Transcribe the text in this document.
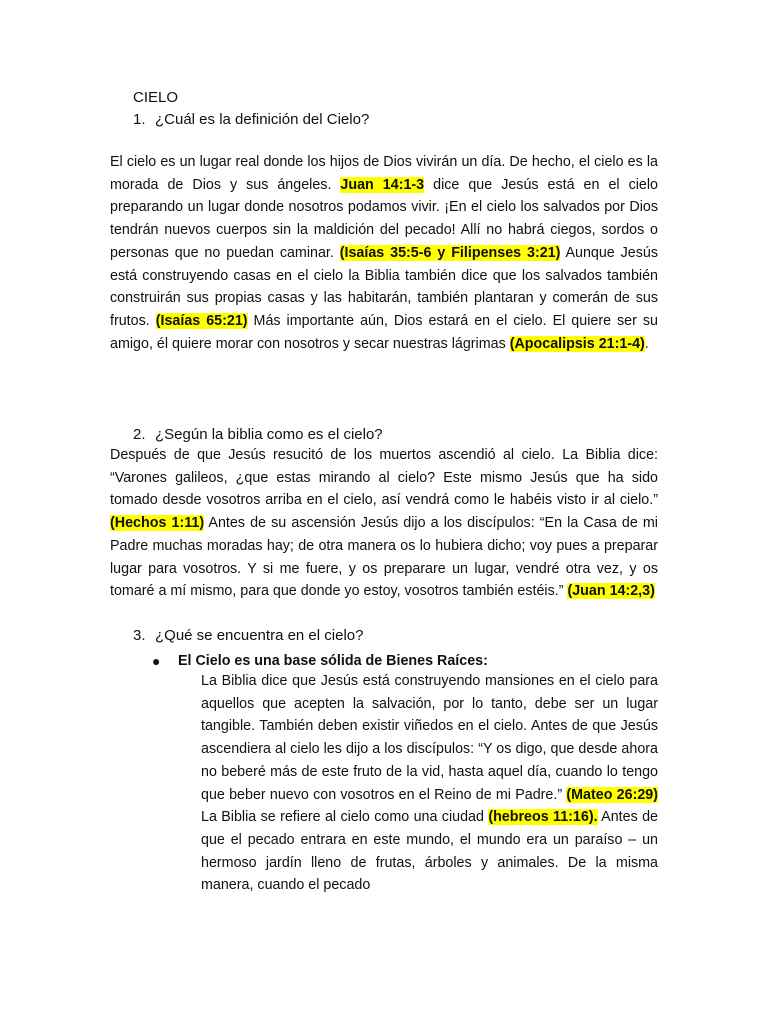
CIELO
1. ¿Cuál es la definición del Cielo?
El cielo es un lugar real donde los hijos de Dios vivirán un día. De hecho, el cielo es la morada de Dios y sus ángeles. Juan 14:1-3 dice que Jesús está en el cielo preparando un lugar donde nosotros podamos vivir. ¡En el cielo los salvados por Dios tendrán nuevos cuerpos sin la maldición del pecado! Allí no habrá ciegos, sordos o personas que no puedan caminar. (Isaías 35:5-6 y Filipenses 3:21) Aunque Jesús está construyendo casas en el cielo la Biblia también dice que los salvados también construirán sus propias casas y las habitarán, también plantaran y comerán de sus frutos. (Isaías 65:21) Más importante aún, Dios estará en el cielo. El quiere ser su amigo, él quiere morar con nosotros y secar nuestras lágrimas (Apocalipsis 21:1-4).
2. ¿Según la biblia como es el cielo?
Después de que Jesús resucitó de los muertos ascendió al cielo. La Biblia dice: “Varones galileos, ¿que estas mirando al cielo? Este mismo Jesús que ha sido tomado desde vosotros arriba en el cielo, así vendrá como le habéis visto ir al cielo.” (Hechos 1:11) Antes de su ascensión Jesús dijo a los discípulos: “En la Casa de mi Padre muchas moradas hay; de otra manera os lo hubiera dicho; voy pues a preparar lugar para vosotros. Y si me fuere, y os preparare un lugar, vendré otra vez, y os tomaré a mí mismo, para que donde yo estoy, vosotros también estéis.” (Juan 14:2,3)
3. ¿Qué se encuentra en el cielo?
● El Cielo es una base sólida de Bienes Raíces:
La Biblia dice que Jesús está construyendo mansiones en el cielo para aquellos que acepten la salvación, por lo tanto, debe ser un lugar tangible. También deben existir viñedos en el cielo. Antes de que Jesús ascendiera al cielo les dijo a los discípulos: “Y os digo, que desde ahora no beberé más de este fruto de la vid, hasta aquel día, cuando lo tengo que beber nuevo con vosotros en el Reino de mi Padre.” (Mateo 26:29) La Biblia se refiere al cielo como una ciudad (hebreos 11:16). Antes de que el pecado entrara en este mundo, el mundo era un paraíso – un hermoso jardín lleno de frutas, árboles y animales. De la misma manera, cuando el pecado
